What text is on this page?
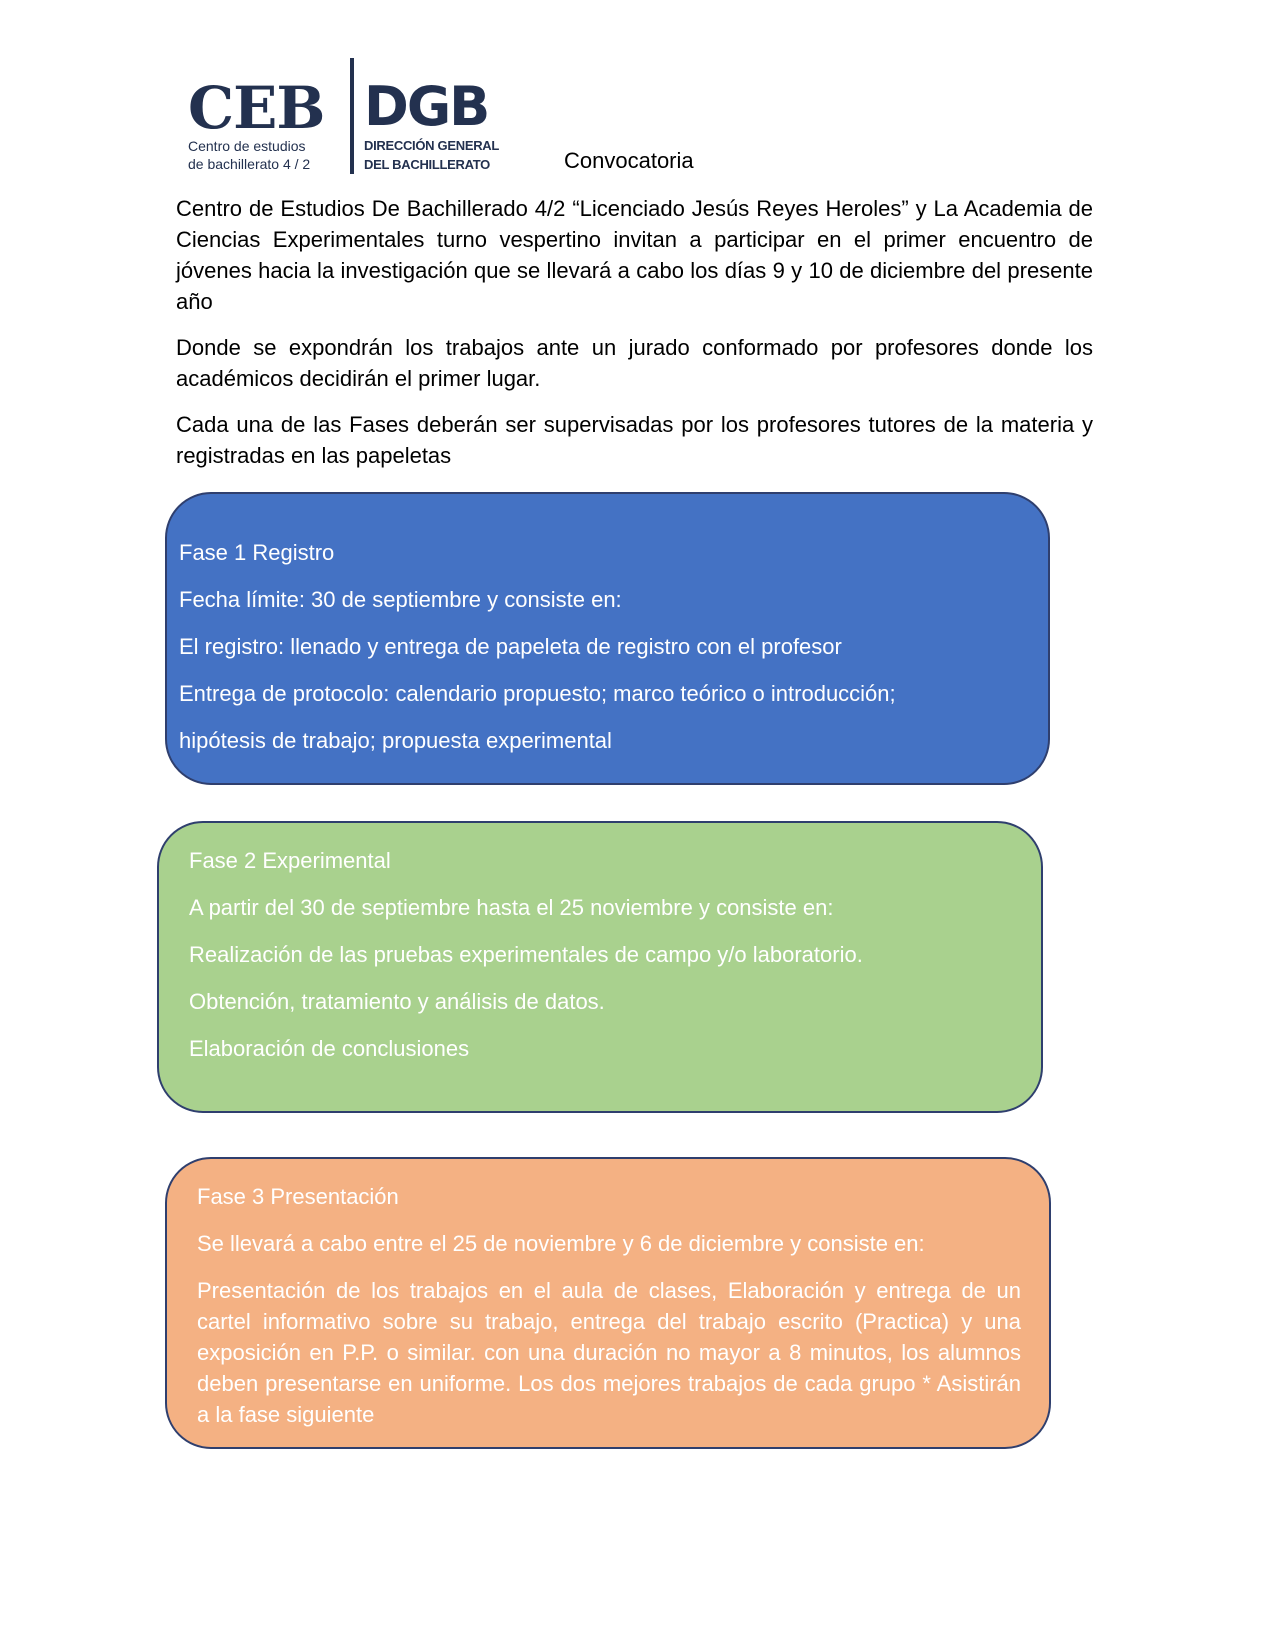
CEB
Centro de estudios
de bachillerato 4 / 2
DGB
DIRECCIÓN GENERAL
DEL BACHILLERATO	Convocatoria

Centro de Estudios De Bachillerado 4/2 “Licenciado Jesús Reyes Heroles” y La Academia de Ciencias Experimentales turno vespertino invitan a participar en el primer encuentro de jóvenes hacia la investigación que se llevará a cabo los días 9 y 10 de diciembre del presente año

Donde se expondrán los trabajos ante un jurado conformado por profesores donde los académicos decidirán el primer lugar.

Cada una de las Fases deberán ser supervisadas por los profesores tutores de la materia y registradas en las papeletas

Fase 1 Registro
Fecha límite: 30 de septiembre y consiste en:
El registro: llenado y entrega de papeleta de registro con el profesor
Entrega de protocolo: calendario propuesto; marco teórico o introducción;
hipótesis de trabajo; propuesta experimental
Fase 2 Experimental
A partir del 30 de septiembre hasta el 25 noviembre y consiste en:
Realización de las pruebas experimentales de campo y/o laboratorio.
Obtención, tratamiento y análisis de datos.
Elaboración de conclusiones
Fase 3 Presentación
Se llevará a cabo entre el 25 de noviembre y 6 de diciembre y consiste en:

Presentación de los trabajos en el aula de clases, Elaboración y entrega de un cartel informativo sobre su trabajo, entrega del trabajo escrito (Practica) y una exposición en P.P. o similar. con una duración no mayor a 8 minutos, los alumnos deben presentarse en uniforme. Los dos mejores trabajos de cada grupo * Asistirán a la fase siguiente
